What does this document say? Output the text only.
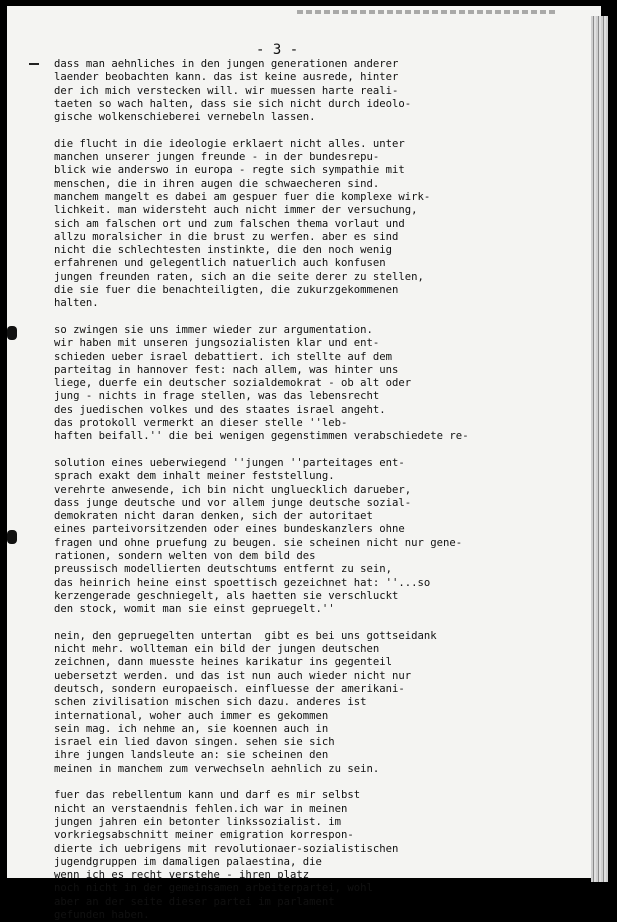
- 3 -
dass man aehnliches in den jungen generationen anderer
laender beobachten kann. das ist keine ausrede, hinter
der ich mich verstecken will. wir muessen harte reali-
taeten so wach halten, dass sie sich nicht durch ideolo-
gische wolkenschieberei vernebeln lassen.
die flucht in die ideologie erklaert nicht alles. unter
manchen unserer jungen freunde - in der bundesrepu-
blick wie anderswo in europa - regte sich sympathie mit
menschen, die in ihren augen die schwaecheren sind.
manchem mangelt es dabei am gespuer fuer die komplexe wirk-
lichkeit. man widersteht auch nicht immer der versuchung,
sich am falschen ort und zum falschen thema vorlaut und
allzu moralsicher in die brust zu werfen. aber es sind
nicht die schlechtesten instinkte, die den noch wenig
erfahrenen und gelegentlich natuerlich auch konfusen
jungen freunden raten, sich an die seite derer zu stellen,
die sie fuer die benachteiligten, die zukurzgekommenen
halten.
so zwingen sie uns immer wieder zur argumentation.
wir haben mit unseren jungsozialisten klar und ent-
schieden ueber israel debattiert. ich stellte auf dem
parteitag in hannover fest: nach allem, was hinter uns
liege, duerfe ein deutscher sozialdemokrat - ob alt oder
jung - nichts in frage stellen, was das lebensrecht
des juedischen volkes und des staates israel angeht.
das protokoll vermerkt an dieser stelle ''leb-
haften beifall.'' die bei wenigen gegenstimmen verabschiedete re-
solution eines ueberwiegend ''jungen ''parteitages ent-
sprach exakt dem inhalt meiner feststellung.
verehrte anwesende, ich bin nicht ungluecklich darueber,
dass junge deutsche und vor allem junge deutsche sozial-
demokraten nicht daran denken, sich der autoritaet
eines parteivorsitzenden oder eines bundeskanzlers ohne
fragen und ohne pruefung zu beugen. sie scheinen nicht nur gene-
rationen, sondern welten von dem bild des
preussisch modellierten deutschtums entfernt zu sein,
das heinrich heine einst spoettisch gezeichnet hat: ''...so
kerzengerade geschniegelt, als haetten sie verschluckt
den stock, womit man sie einst gepruegelt.''
nein, den gepruegelten untertan  gibt es bei uns gottseidank
nicht mehr. wollteman ein bild der jungen deutschen
zeichnen, dann muesste heines karikatur ins gegenteil
uebersetzt werden. und das ist nun auch wieder nicht nur
deutsch, sondern europaeisch. einfluesse der amerikani-
schen zivilisation mischen sich dazu. anderes ist
international, woher auch immer es gekommen
sein mag. ich nehme an, sie koennen auch in
israel ein lied davon singen. sehen sie sich
ihre jungen landsleute an: sie scheinen den
meinen in manchem zum verwechseln aehnlich zu sein.
fuer das rebellentum kann und darf es mir selbst
nicht an verstaendnis fehlen.ich war in meinen
jungen jahren ein betonter linkssozialist. im
vorkriegsabschnitt meiner emigration korrespon-
dierte ich uebrigens mit revolutionaer-sozialistischen
jugendgruppen im damaligen palaestina, die
wenn ich es recht verstehe - ihren platz
noch nicht in der gemeinsamen arbeiterpartei, wohl
aber an der seite dieser partei im parlament
gefunden haben.
